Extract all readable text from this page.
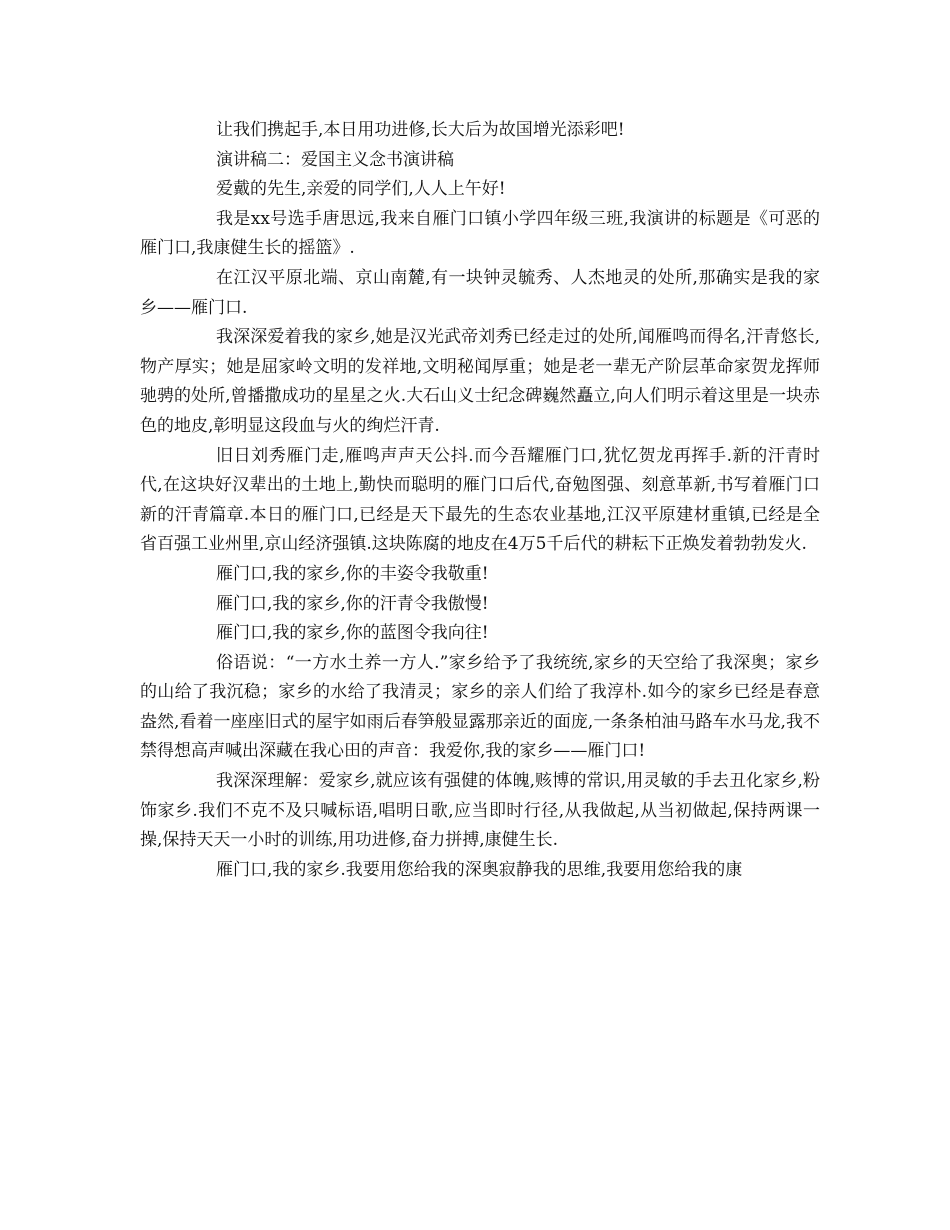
让我们携起手,本日用功进修,长大后为故国增光添彩吧!

演讲稿二：爱国主义念书演讲稿

爱戴的先生,亲爱的同学们,人人上午好!

我是xx号选手唐思远,我来自雁门口镇小学四年级三班,我演讲的标题是《可恶的雁门口,我康健生长的摇篮》.

在江汉平原北端、京山南麓,有一块钟灵毓秀、人杰地灵的处所,那确实是我的家乡——雁门口.

我深深爱着我的家乡,她是汉光武帝刘秀已经走过的处所,闻雁鸣而得名,汗青悠长,物产厚实；她是屈家岭文明的发祥地,文明秘闻厚重；她是老一辈无产阶层革命家贺龙挥师驰骋的处所,曾播撒成功的星星之火.大石山义士纪念碑巍然矗立,向人们明示着这里是一块赤色的地皮,彰明显这段血与火的绚烂汗青.

旧日刘秀雁门走,雁鸣声声天公抖.而今吾耀雁门口,犹忆贺龙再挥手.新的汗青时代,在这块好汉辈出的土地上,勤快而聪明的雁门口后代,奋勉图强、刻意革新,书写着雁门口新的汗青篇章.本日的雁门口,已经是天下最先的生态农业基地,江汉平原建材重镇,已经是全省百强工业州里,京山经济强镇.这块陈腐的地皮在4万5千后代的耕耘下正焕发着勃勃发火.

雁门口,我的家乡,你的丰姿令我敬重!

雁门口,我的家乡,你的汗青令我傲慢!

雁门口,我的家乡,你的蓝图令我向往!

俗语说：“一方水土养一方人.”家乡给予了我统统,家乡的天空给了我深奥；家乡的山给了我沉稳；家乡的水给了我清灵；家乡的亲人们给了我淳朴.如今的家乡已经是春意盎然,看着一座座旧式的屋宇如雨后春笋般显露那亲近的面庞,一条条柏油马路车水马龙,我不禁得想高声喊出深藏在我心田的声音：我爱你,我的家乡——雁门口!

我深深理解：爱家乡,就应该有强健的体魄,赅博的常识,用灵敏的手去丑化家乡,粉饰家乡.我们不克不及只喊标语,唱明日歌,应当即时行径,从我做起,从当初做起,保持两课一操,保持天天一小时的训练,用功进修,奋力拼搏,康健生长.

雁门口,我的家乡.我要用您给我的深奥寂静我的思维,我要用您给我的康
